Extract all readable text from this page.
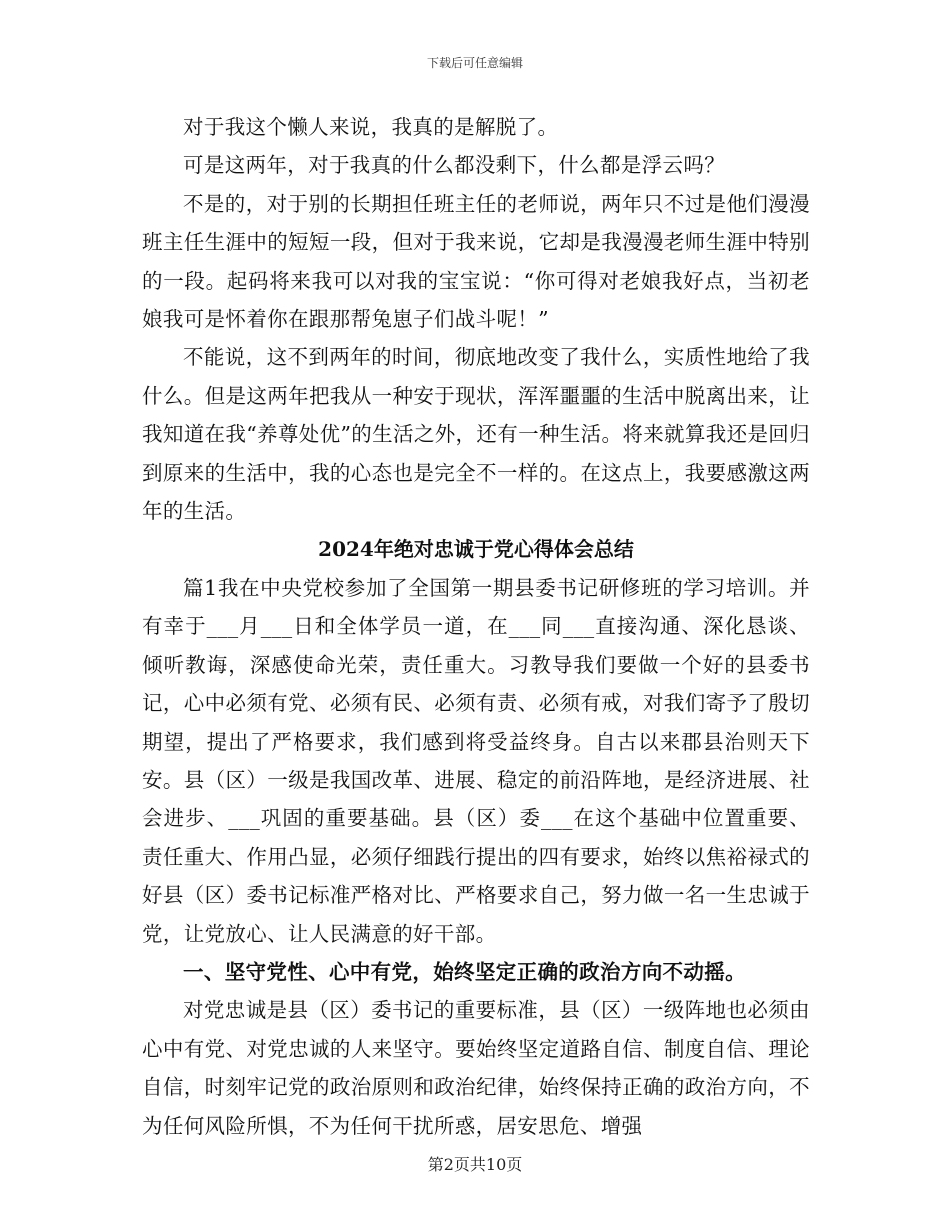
下载后可任意编辑

对于我这个懒人来说，我真的是解脱了。

可是这两年，对于我真的什么都没剩下，什么都是浮云吗？

不是的，对于别的长期担任班主任的老师说，两年只不过是他们漫漫班主任生涯中的短短一段，但对于我来说，它却是我漫漫老师生涯中特别的一段。起码将来我可以对我的宝宝说：“你可得对老娘我好点，当初老娘我可是怀着你在跟那帮兔崽子们战斗呢！”

不能说，这不到两年的时间，彻底地改变了我什么，实质性地给了我什么。但是这两年把我从一种安于现状，浑浑噩噩的生活中脱离出来，让我知道在我“养尊处优”的生活之外，还有一种生活。将来就算我还是回归到原来的生活中，我的心态也是完全不一样的。在这点上，我要感激这两年的生活。

2024年绝对忠诚于党心得体会总结

篇1我在中央党校参加了全国第一期县委书记研修班的学习培训。并有幸于___月___日和全体学员一道，在___同___直接沟通、深化恳谈、倾听教诲，深感使命光荣，责任重大。习教导我们要做一个好的县委书记，心中必须有党、必须有民、必须有责、必须有戒，对我们寄予了殷切期望，提出了严格要求，我们感到将受益终身。自古以来郡县治则天下安。县（区）一级是我国改革、进展、稳定的前沿阵地，是经济进展、社会进步、___巩固的重要基础。县（区）委___在这个基础中位置重要、责任重大、作用凸显，必须仔细践行提出的四有要求，始终以焦裕禄式的好县（区）委书记标准严格对比、严格要求自己，努力做一名一生忠诚于党，让党放心、让人民满意的好干部。

一、坚守党性、心中有党，始终坚定正确的政治方向不动摇。

对党忠诚是县（区）委书记的重要标准，县（区）一级阵地也必须由心中有党、对党忠诚的人来坚守。要始终坚定道路自信、制度自信、理论自信，时刻牢记党的政治原则和政治纪律，始终保持正确的政治方向，不为任何风险所惧，不为任何干扰所惑，居安思危、增强

第2页共10页
